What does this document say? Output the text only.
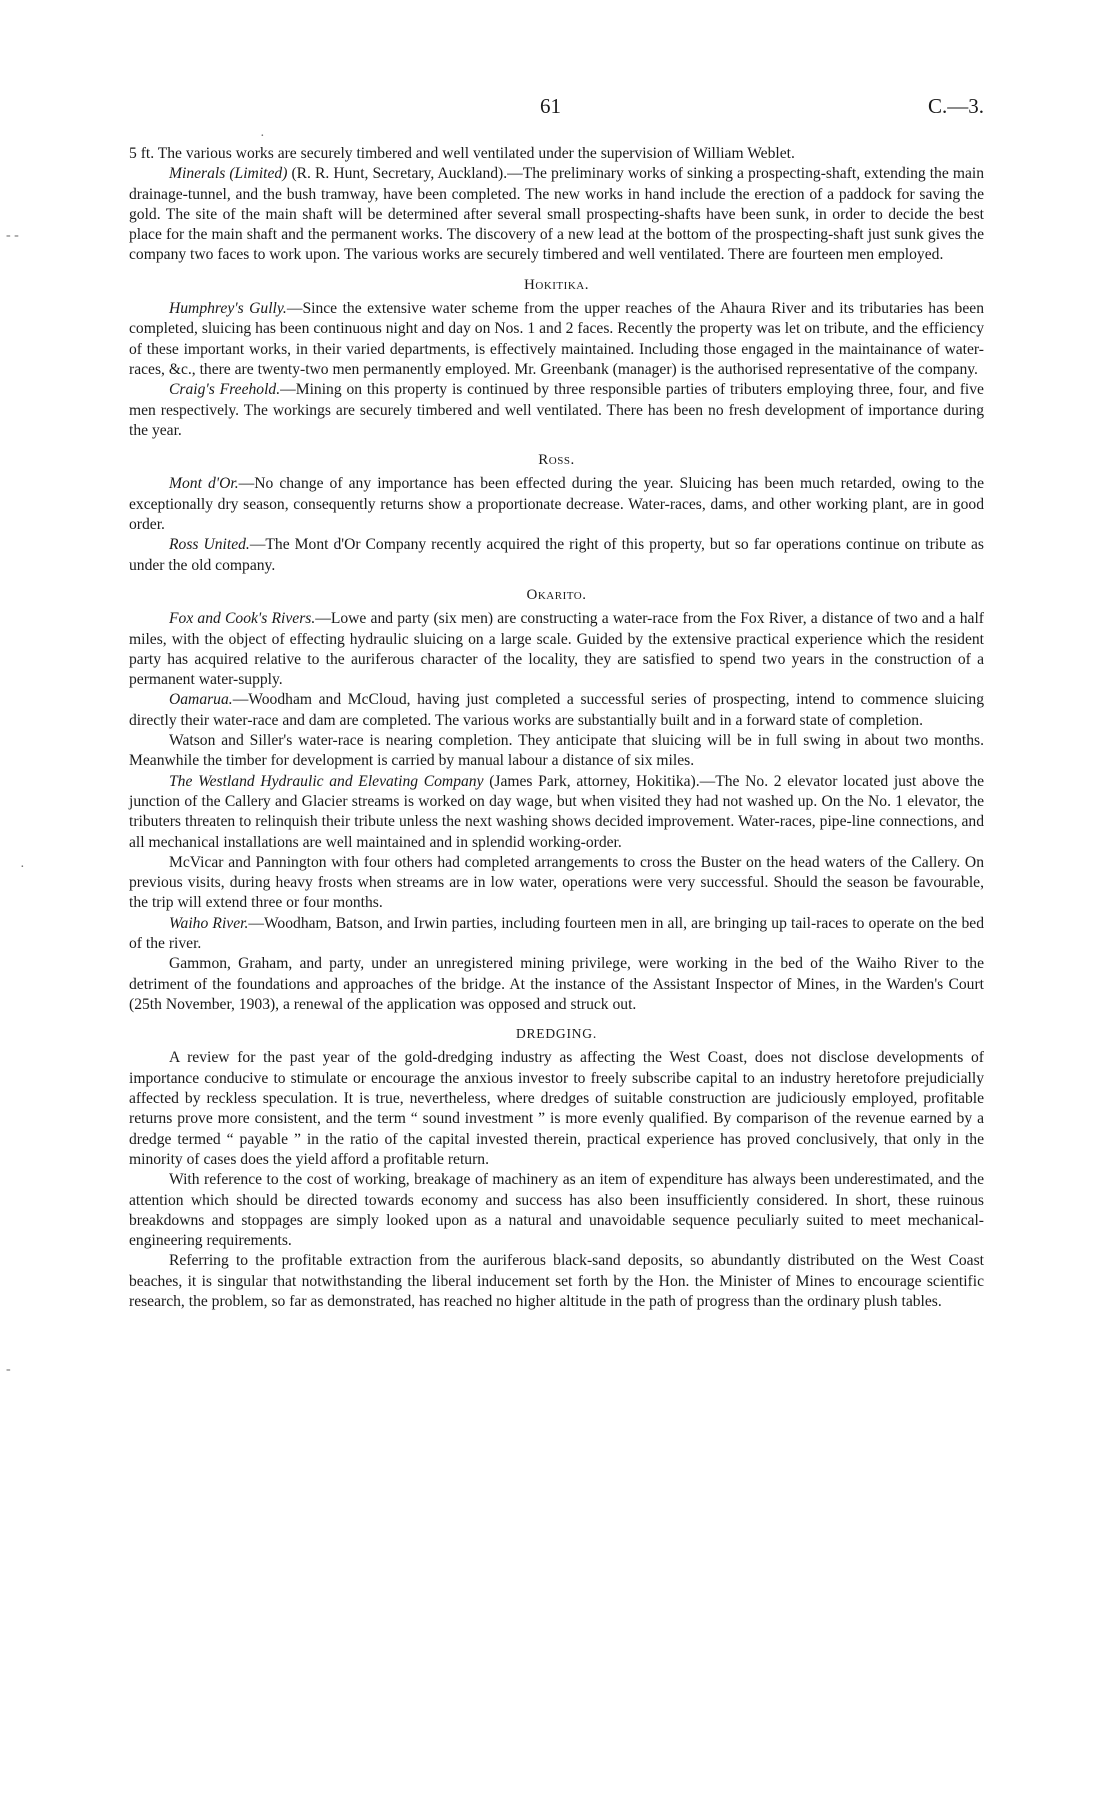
61	C.—3.
·
- -
·
-

5 ft. The various works are securely timbered and well ventilated under the supervision of William Weblet.

Minerals (Limited) (R. R. Hunt, Secretary, Auckland).—The preliminary works of sinking a prospecting-shaft, extending the main drainage-tunnel, and the bush tramway, have been completed. The new works in hand include the erection of a paddock for saving the gold. The site of the main shaft will be determined after several small prospecting-shafts have been sunk, in order to decide the best place for the main shaft and the permanent works. The discovery of a new lead at the bottom of the prospecting-shaft just sunk gives the company two faces to work upon. The various works are securely timbered and well ventilated. There are fourteen men employed.

Hokitika.

Humphrey's Gully.—Since the extensive water scheme from the upper reaches of the Ahaura River and its tributaries has been completed, sluicing has been continuous night and day on Nos. 1 and 2 faces. Recently the property was let on tribute, and the efficiency of these important works, in their varied departments, is effectively maintained. Including those engaged in the maintainance of water-races, &c., there are twenty-two men permanently employed. Mr. Greenbank (manager) is the authorised representative of the company.

Craig's Freehold.—Mining on this property is continued by three responsible parties of tributers employing three, four, and five men respectively. The workings are securely timbered and well ventilated. There has been no fresh development of importance during the year.

Ross.

Mont d'Or.—No change of any importance has been effected during the year. Sluicing has been much retarded, owing to the exceptionally dry season, consequently returns show a proportionate decrease. Water-races, dams, and other working plant, are in good order.

Ross United.—The Mont d'Or Company recently acquired the right of this property, but so far operations continue on tribute as under the old company.

Okarito.

Fox and Cook's Rivers.—Lowe and party (six men) are constructing a water-race from the Fox River, a distance of two and a half miles, with the object of effecting hydraulic sluicing on a large scale. Guided by the extensive practical experience which the resident party has acquired relative to the auriferous character of the locality, they are satisfied to spend two years in the construction of a permanent water-supply.

Oamarua.—Woodham and McCloud, having just completed a successful series of prospecting, intend to commence sluicing directly their water-race and dam are completed. The various works are substantially built and in a forward state of completion.

Watson and Siller's water-race is nearing completion. They anticipate that sluicing will be in full swing in about two months. Meanwhile the timber for development is carried by manual labour a distance of six miles.

The Westland Hydraulic and Elevating Company (James Park, attorney, Hokitika).—The No. 2 elevator located just above the junction of the Callery and Glacier streams is worked on day wage, but when visited they had not washed up. On the No. 1 elevator, the tributers threaten to relinquish their tribute unless the next washing shows decided improvement. Water-races, pipe-line connections, and all mechanical installations are well maintained and in splendid working-order.

McVicar and Pannington with four others had completed arrangements to cross the Buster on the head waters of the Callery. On previous visits, during heavy frosts when streams are in low water, operations were very successful. Should the season be favourable, the trip will extend three or four months.

Waiho River.—Woodham, Batson, and Irwin parties, including fourteen men in all, are bringing up tail-races to operate on the bed of the river.

Gammon, Graham, and party, under an unregistered mining privilege, were working in the bed of the Waiho River to the detriment of the foundations and approaches of the bridge. At the instance of the Assistant Inspector of Mines, in the Warden's Court (25th November, 1903), a renewal of the application was opposed and struck out.

DREDGING.

A review for the past year of the gold-dredging industry as affecting the West Coast, does not disclose developments of importance conducive to stimulate or encourage the anxious investor to freely subscribe capital to an industry heretofore prejudicially affected by reckless speculation. It is true, nevertheless, where dredges of suitable construction are judiciously employed, profitable returns prove more consistent, and the term “ sound investment ” is more evenly qualified. By comparison of the revenue earned by a dredge termed “ payable ” in the ratio of the capital invested therein, practical experience has proved conclusively, that only in the minority of cases does the yield afford a profitable return.

With reference to the cost of working, breakage of machinery as an item of expenditure has always been underestimated, and the attention which should be directed towards economy and success has also been insufficiently considered. In short, these ruinous breakdowns and stoppages are simply looked upon as a natural and unavoidable sequence peculiarly suited to meet mechanical-engineering requirements.

Referring to the profitable extraction from the auriferous black-sand deposits, so abundantly distributed on the West Coast beaches, it is singular that notwithstanding the liberal inducement set forth by the Hon. the Minister of Mines to encourage scientific research, the problem, so far as demonstrated, has reached no higher altitude in the path of progress than the ordinary plush tables.
